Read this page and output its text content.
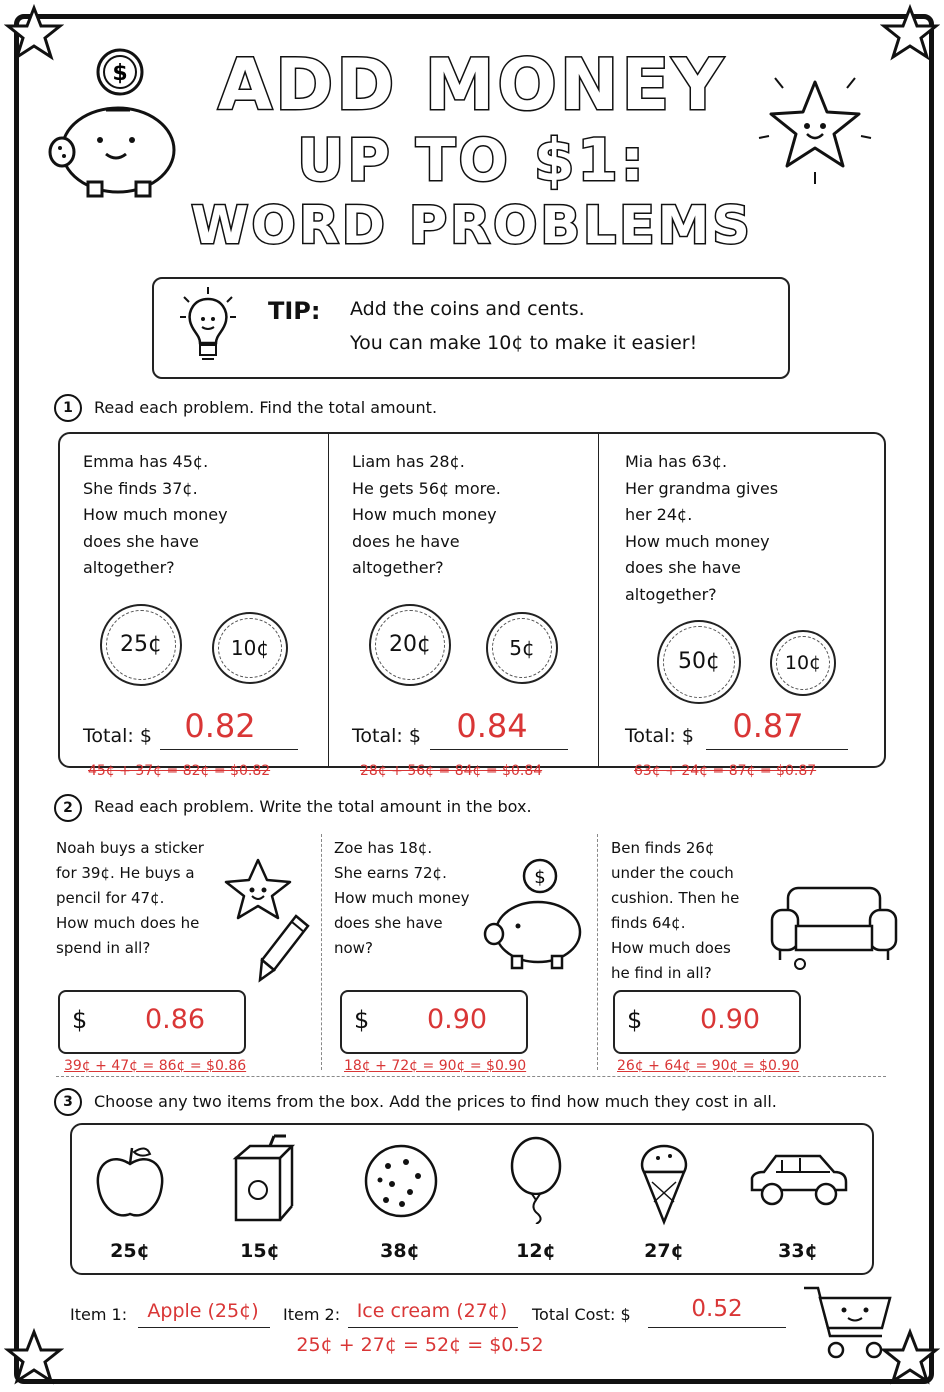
$	ADD MONEY
UP TO $1:
WORD PROBLEMS
TIP: Add the coins and cents.
You can make 10¢ to make it easier!
1	Read each problem. Find the total amount.
Emma has 45¢.
She finds 37¢.
How much money
does she have
altogether?
25¢	10¢
Total: $	0.82
45¢ + 37¢ = 82¢ = $0.82
Liam has 28¢.
He gets 56¢ more.
How much money
does he have
altogether?
20¢	5¢
Total: $	0.84
28¢ + 56¢ = 84¢ = $0.84
Mia has 63¢.
Her grandma gives
her 24¢.
How much money
does she have
altogether?
50¢	10¢
Total: $	0.87
63¢ + 24¢ = 87¢ = $0.87
2	Read each problem. Write the total amount in the box.
Noah buys a sticker
for 39¢. He buys a
pencil for 47¢.
How much does he
spend in all?
$	0.86
39¢ + 47¢ = 86¢ = $0.86
Zoe has 18¢.
She earns 72¢.
How much money
does she have
now?
$
$	0.90
18¢ + 72¢ = 90¢ = $0.90
Ben finds 26¢
under the couch
cushion. Then he
finds 64¢.
How much does
he find in all?
$	0.90
26¢ + 64¢ = 90¢ = $0.90
3	Choose any two items from the box. Add the prices to find how much they cost in all.
25¢	15¢	38¢	12¢	27¢	33¢
Item 1:	Apple (25¢)	Item 2: Ice cream (27¢)	Total Cost: $	0.52
25¢ + 27¢ = 52¢ = $0.52
